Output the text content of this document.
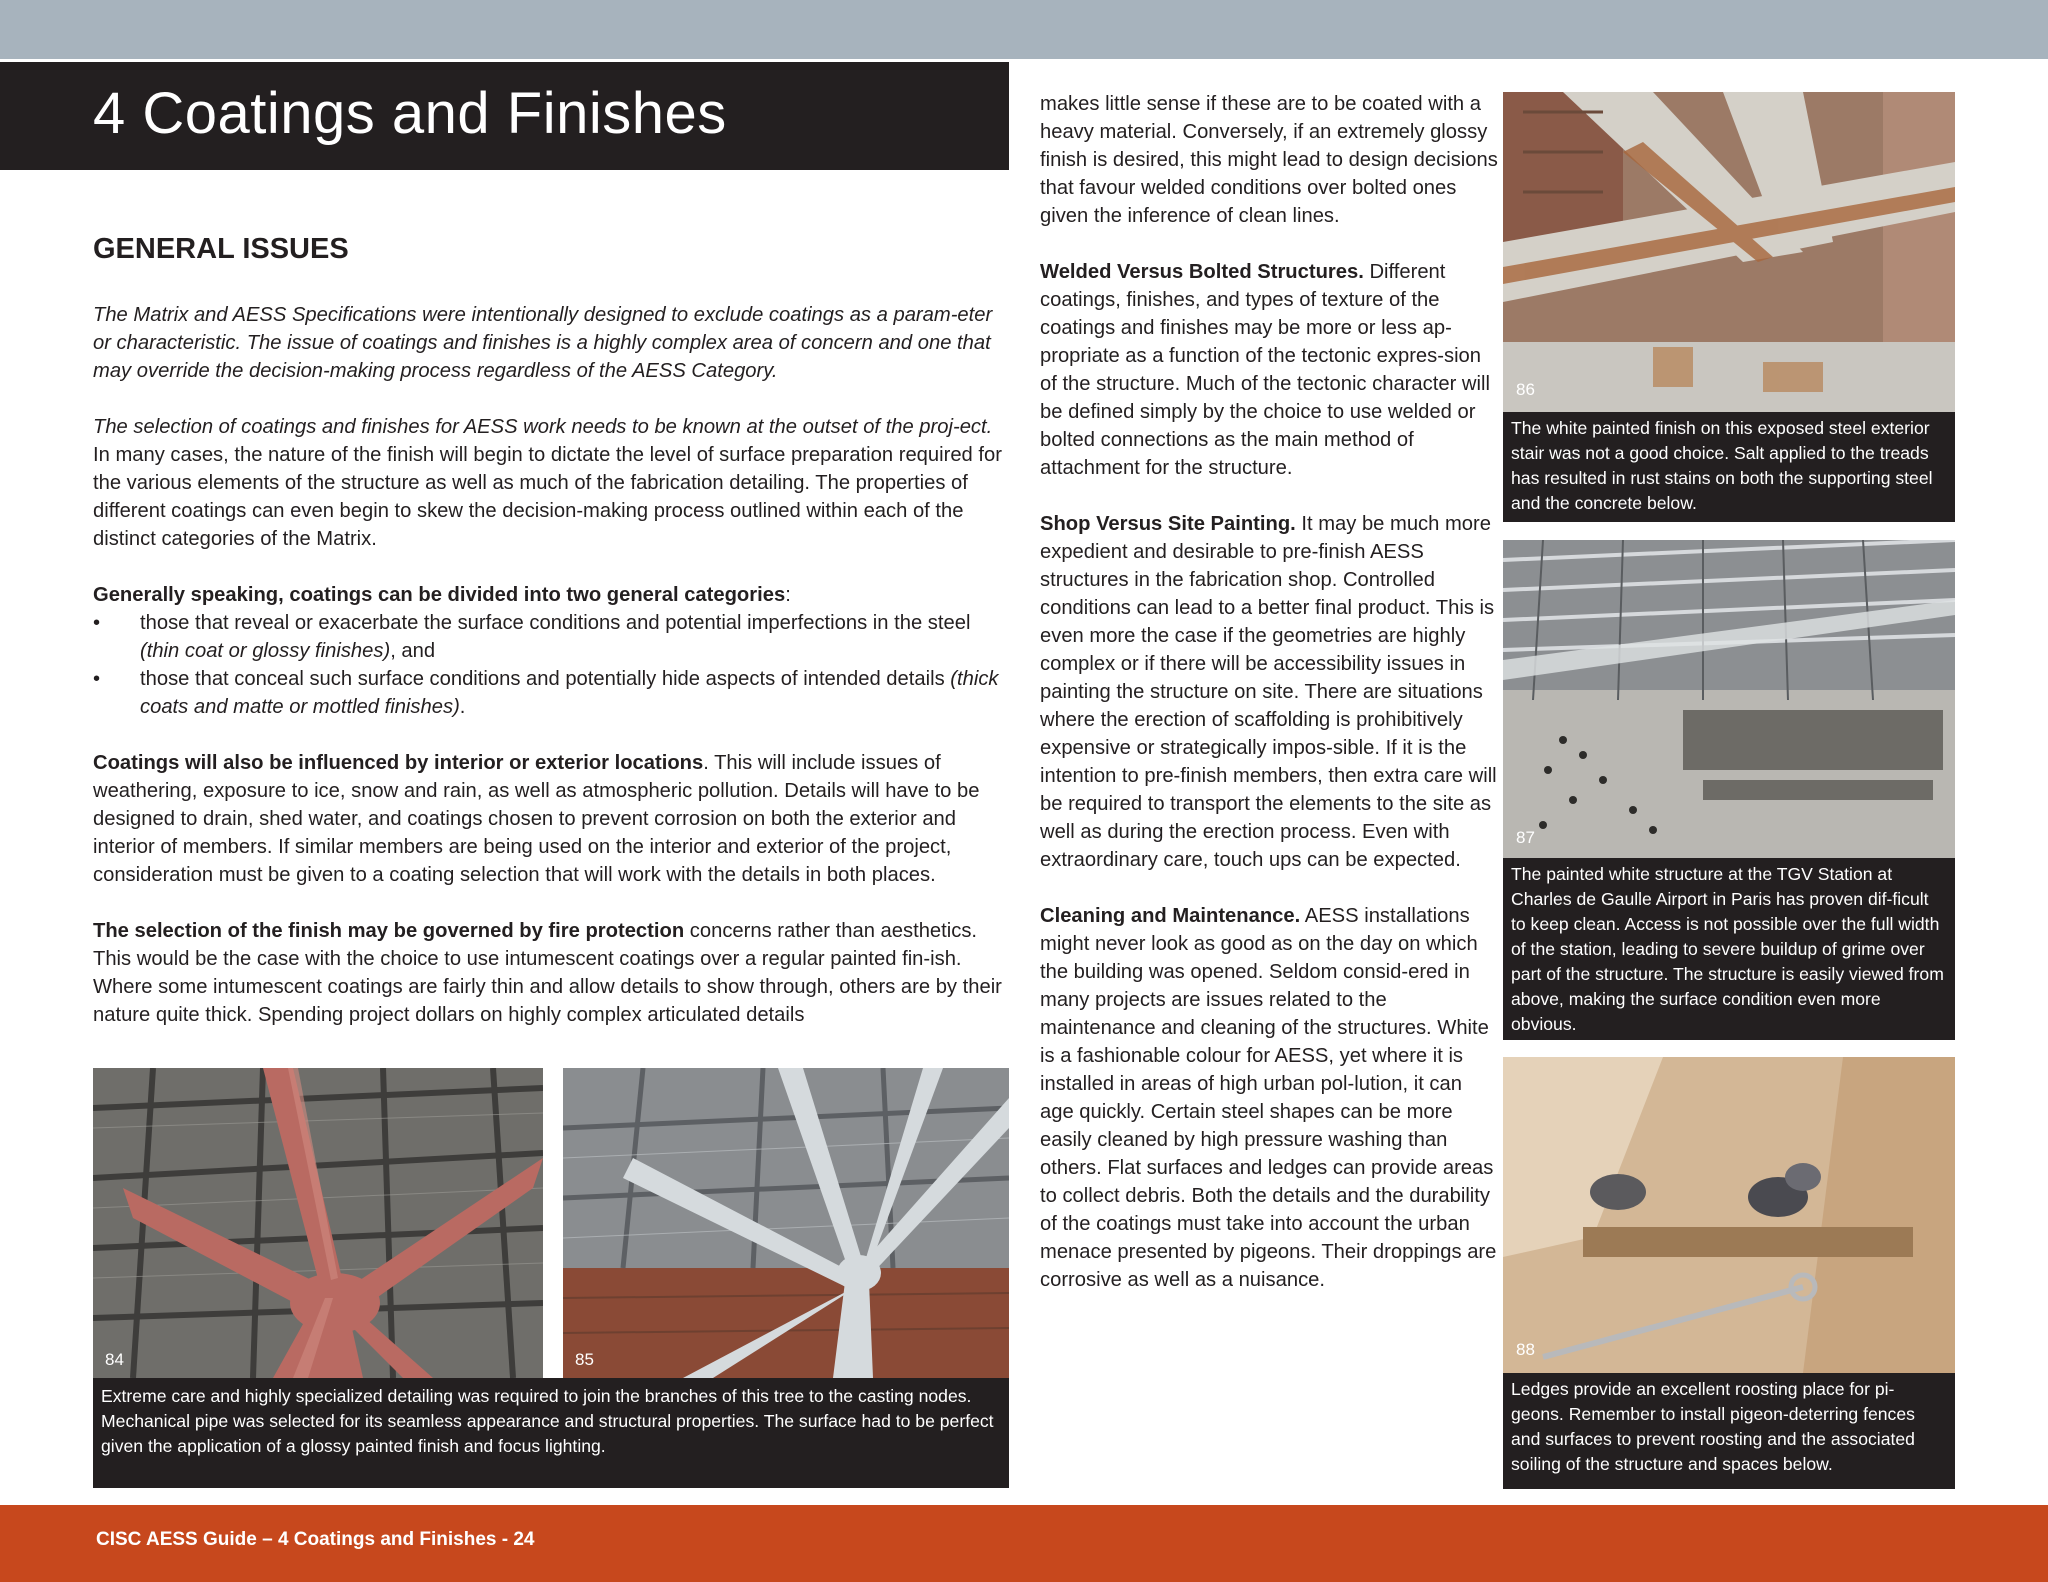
4 Coatings and Finishes
GENERAL ISSUES

The Matrix and AESS Specifications were intentionally designed to exclude coatings as a param-eter or characteristic. The issue of coatings and finishes is a highly complex area of concern and one that may override the decision-making process regardless of the AESS Category.

The selection of coatings and finishes for AESS work needs to be known at the outset of the proj-ect. In many cases, the nature of the finish will begin to dictate the level of surface preparation required for the various elements of the structure as well as much of the fabrication detailing. The properties of different coatings can even begin to skew the decision-making process outlined within each of the distinct categories of the Matrix.

Generally speaking, coatings can be divided into two general categories:

• those that reveal or exacerbate the surface conditions and potential imperfections in the steel (thin coat or glossy finishes), and
• those that conceal such surface conditions and potentially hide aspects of intended details (thick coats and matte or mottled finishes).

Coatings will also be influenced by interior or exterior locations. This will include issues of weathering, exposure to ice, snow and rain, as well as atmospheric pollution. Details will have to be designed to drain, shed water, and coatings chosen to prevent corrosion on both the exterior and interior of members. If similar members are being used on the interior and exterior of the project, consideration must be given to a coating selection that will work with the details in both places.

The selection of the finish may be governed by fire protection concerns rather than aesthetics. This would be the case with the choice to use intumescent coatings over a regular painted fin-ish. Where some intumescent coatings are fairly thin and allow details to show through, others are by their nature quite thick. Spending project dollars on highly complex articulated details

84	85
Extreme care and highly specialized detailing was required to join the branches of this tree to the casting nodes. Mechanical pipe was selected for its seamless appearance and structural properties. The surface had to be perfect given the application of a glossy painted finish and focus lighting.

makes little sense if these are to be coated with a heavy material. Conversely, if an extremely glossy finish is desired, this might lead to design decisions that favour welded conditions over bolted ones given the inference of clean lines.

Welded Versus Bolted Structures. Different coatings, finishes, and types of texture of the coatings and finishes may be more or less ap-propriate as a function of the tectonic expres-sion of the structure. Much of the tectonic character will be defined simply by the choice to use welded or bolted connections as the main method of attachment for the structure.

Shop Versus Site Painting. It may be much more expedient and desirable to pre-finish AESS structures in the fabrication shop. Controlled conditions can lead to a better final product. This is even more the case if the geometries are highly complex or if there will be accessibility issues in painting the structure on site. There are situations where the erection of scaffolding is prohibitively expensive or strategically impos-sible. If it is the intention to pre-finish members, then extra care will be required to transport the elements to the site as well as during the erection process. Even with extraordinary care, touch ups can be expected.

Cleaning and Maintenance. AESS installations might never look as good as on the day on which the building was opened. Seldom consid-ered in many projects are issues related to the maintenance and cleaning of the structures. White is a fashionable colour for AESS, yet where it is installed in areas of high urban pol-lution, it can age quickly. Certain steel shapes can be more easily cleaned by high pressure washing than others. Flat surfaces and ledges can provide areas to collect debris. Both the details and the durability of the coatings must take into account the urban menace presented by pigeons. Their droppings are corrosive as well as a nuisance.

86
The white painted finish on this exposed steel exterior stair was not a good choice. Salt applied to the treads has resulted in rust stains on both the supporting steel and the concrete below.
87
The painted white structure at the TGV Station at Charles de Gaulle Airport in Paris has proven dif-ficult to keep clean. Access is not possible over the full width of the station, leading to severe buildup of grime over part of the structure. The structure is easily viewed from above, making the surface condition even more obvious.
88
Ledges provide an excellent roosting place for pi-geons. Remember to install pigeon-deterring fences and surfaces to prevent roosting and the associated soiling of the structure and spaces below.
CISC AESS Guide – 4 Coatings and Finishes - 24
